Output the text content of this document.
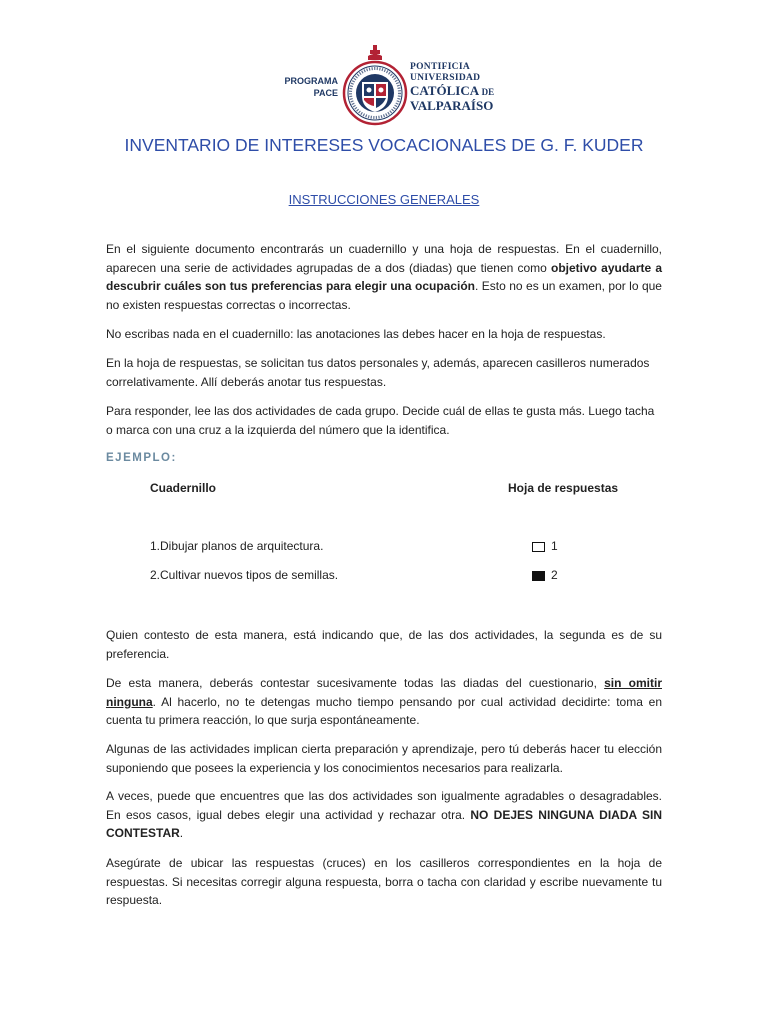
PROGRAMA
PACE
PONTIFICIA
UNIVERSIDAD
CATÓLICA DE
VALPARAÍSO
INVENTARIO DE INTERESES VOCACIONALES DE G. F. KUDER
INSTRUCCIONES GENERALES
En el siguiente documento encontrarás un cuadernillo y una hoja de respuestas. En el cuadernillo, aparecen una serie de actividades agrupadas de a dos (diadas) que tienen como objetivo ayudarte a descubrir cuáles son tus preferencias para elegir una ocupación. Esto no es un examen, por lo que no existen respuestas correctas o incorrectas.
No escribas nada en el cuadernillo: las anotaciones las debes hacer en la hoja de respuestas.
En la hoja de respuestas, se solicitan tus datos personales y, además, aparecen casilleros numerados correlativamente. Allí deberás anotar tus respuestas.
Para responder, lee las dos actividades de cada grupo. Decide cuál de ellas te gusta más. Luego tacha o marca con una cruz a la izquierda del número que la identifica.
EJEMPLO:
Cuadernillo	Hoja de respuestas
1.Dibujar planos de arquitectura.	1
2.Cultivar nuevos tipos de semillas.	2
Quien contesto de esta manera, está indicando que, de las dos actividades, la segunda es de su preferencia.
De esta manera, deberás contestar sucesivamente todas las diadas del cuestionario, sin omitir ninguna. Al hacerlo, no te detengas mucho tiempo pensando por cual actividad decidirte: toma en cuenta tu primera reacción, lo que surja espontáneamente.
Algunas de las actividades implican cierta preparación y aprendizaje, pero tú deberás hacer tu elección suponiendo que posees la experiencia y los conocimientos necesarios para realizarla.
A veces, puede que encuentres que las dos actividades son igualmente agradables o desagradables. En esos casos, igual debes elegir una actividad y rechazar otra. NO DEJES NINGUNA DIADA SIN CONTESTAR.
Asegúrate de ubicar las respuestas (cruces) en los casilleros correspondientes en la hoja de respuestas. Si necesitas corregir alguna respuesta, borra o tacha con claridad y escribe nuevamente tu respuesta.
